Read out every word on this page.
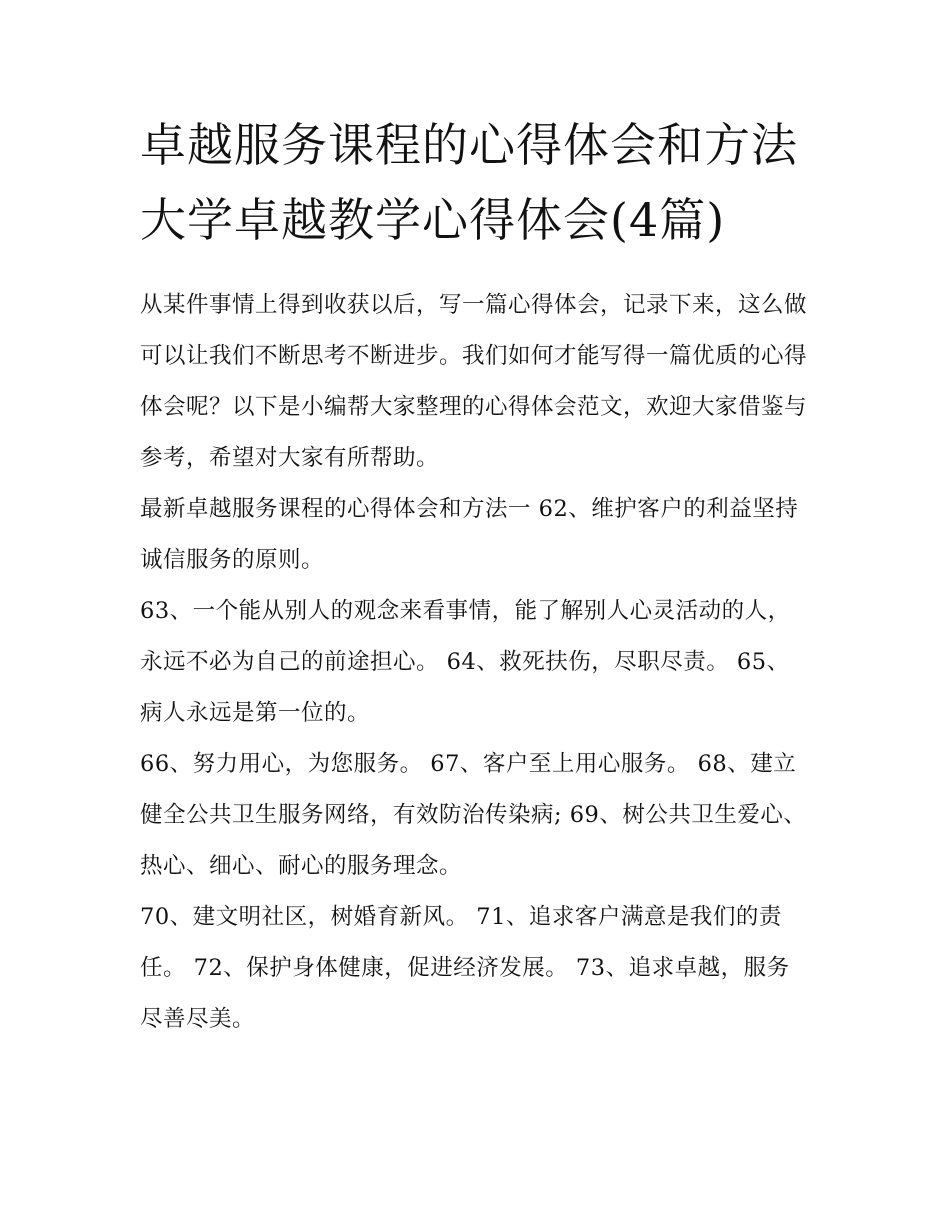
卓越服务课程的心得体会和方法 大学卓越教学心得体会(4篇)

从某件事情上得到收获以后，写一篇心得体会，记录下来，这么做可以让我们不断思考不断进步。我们如何才能写得一篇优质的心得体会呢？以下是小编帮大家整理的心得体会范文，欢迎大家借鉴与参考，希望对大家有所帮助。

最新卓越服务课程的心得体会和方法一 62、维护客户的利益坚持诚信服务的原则。

63、一个能从别人的观念来看事情，能了解别人心灵活动的人，永远不必为自己的前途担心。 64、救死扶伤，尽职尽责。 65、病人永远是第一位的。

66、努力用心，为您服务。 67、客户至上用心服务。 68、建立健全公共卫生服务网络，有效防治传染病; 69、树公共卫生爱心、热心、细心、耐心的服务理念。

70、建文明社区，树婚育新风。 71、追求客户满意是我们的责任。 72、保护身体健康，促进经济发展。 73、追求卓越，服务尽善尽美。
